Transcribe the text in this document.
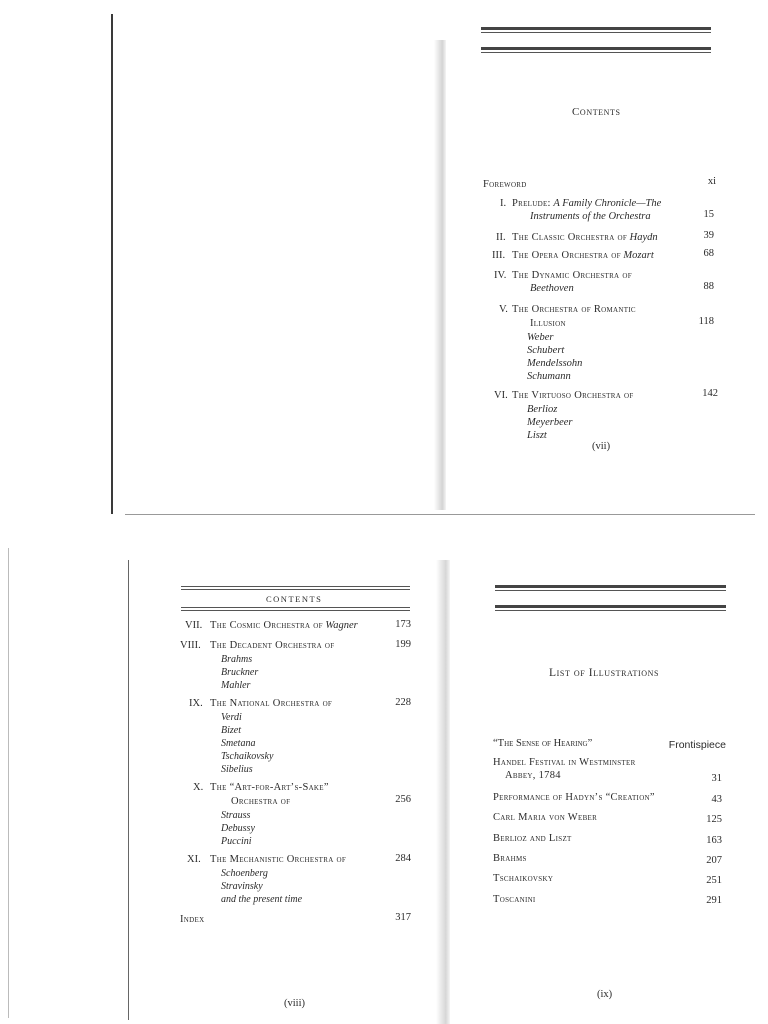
Contents
Foreword	xi
I. Prelude: A Family Chronicle—The
Instruments of the Orchestra	15
II. The Classic Orchestra of Haydn	39
III. The Opera Orchestra of Mozart	68
IV. The Dynamic Orchestra of
Beethoven	88
V. The Orchestra of Romantic
Illusion	118
Weber
Schubert
Mendelssohn
Schumann
VI. The Virtuoso Orchestra of	142
Berlioz
Meyerbeer
Liszt
(vii)
CONTENTS
VII. The Cosmic Orchestra of Wagner	173
VIII. The Decadent Orchestra of	199
Brahms
Bruckner
Mahler
IX. The National Orchestra of	228
Verdi
Bizet
Smetana
Tschaikovsky
Sibelius
X. The “Art-for-Art’s-Sake”
Orchestra of	256
Strauss
Debussy
Puccini
XI. The Mechanistic Orchestra of	284
Schoenberg
Stravinsky
and the present time
Index	317
(viii)
List of Illustrations
“The Sense of Hearing”	Frontispiece
Handel Festival in Westminster
Abbey, 1784	31
Performance of Hadyn’s “Creation”	43
Carl Maria von Weber	125
Berlioz and Liszt	163
Brahms	207
Tschaikovsky	251
Toscanini	291
(ix)
